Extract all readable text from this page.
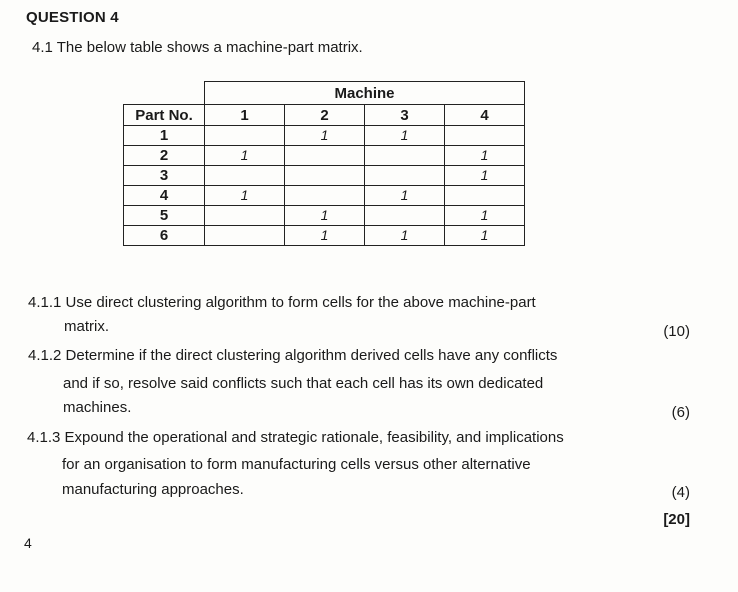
QUESTION 4
4.1 The below table shows a machine-part matrix.
	Machine			
Part No.	1	2	3	4
1		1	1	
2	1			1
3				1
4	1		1	
5		1		1
6		1	1	1
4.1.1 Use direct clustering algorithm to form cells for the above machine-part
matrix.	(10)
4.1.2 Determine if the direct clustering algorithm derived cells have any conflicts
and if so, resolve said conflicts such that each cell has its own dedicated
machines.	(6)
4.1.3 Expound the operational and strategic rationale, feasibility, and implications
for an organisation to form manufacturing cells versus other alternative
manufacturing approaches.	(4)
[20]
4
